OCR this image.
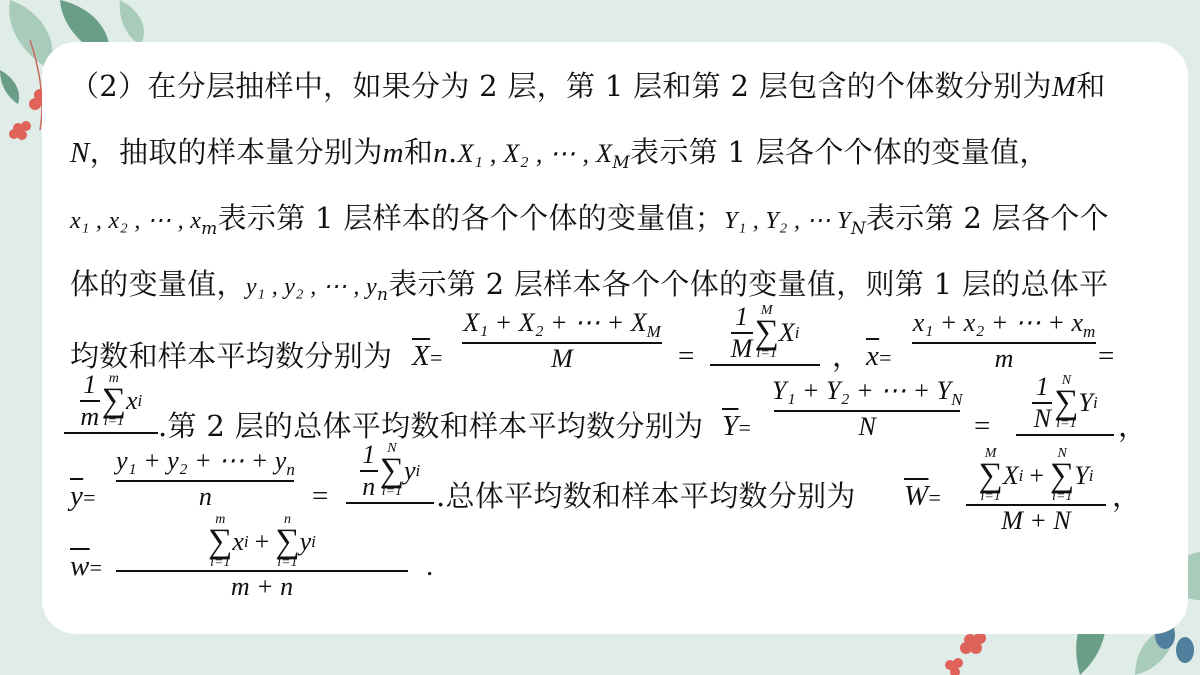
（2）在分层抽样中，如果分为 2 层，第 1 层和第 2 层包含的个体数分别为M和
N，抽取的样本量分别为m和n.X₁ , X₂ , ⋯ , $X_M$表示第 1 层各个个体的变量值，
x₁ , x₂ , ⋯ , $x_m$表示第 1 层样本的各个个体的变量值；Y₁ , Y₂ , ⋯ $Y_N$表示第 2 层各个个
体的变量值，y₁ , y₂ , ⋯ , $y_n$表示第 2 层样本各个个体的变量值，则第 1 层的总体平
均数和样本平均数分别为 $\overline{X}=$
X₁ + X₂ + ⋯ + $X_M$
M	=
1
M
M
∑
i=1
X i
， $\overline{x}=$
x₁ + x₂ + ⋯ + $x_m$
m	=
1
m
m
∑
i=1
x i
.第 2 层的总体平均数和样本平均数分别为 $\overline{Y}=$
Y₁ + Y₂ + ⋯ + $Y_N$
N	=
1
N
N
∑
i=1
Y i
，
$\overline{y}=$
y₁ + y₂ + ⋯ + $y_n$
n	=
1
n
N
∑
i=1
y i
.总体平均数和样本平均数分别为 $\overline{W}=$
M
∑
i=1
X i +
N
∑
i=1
Y i
M + N
，
$\overline{w}=$
m
∑
i=1
x i +
n
∑
i=1
y i
m + n
.
